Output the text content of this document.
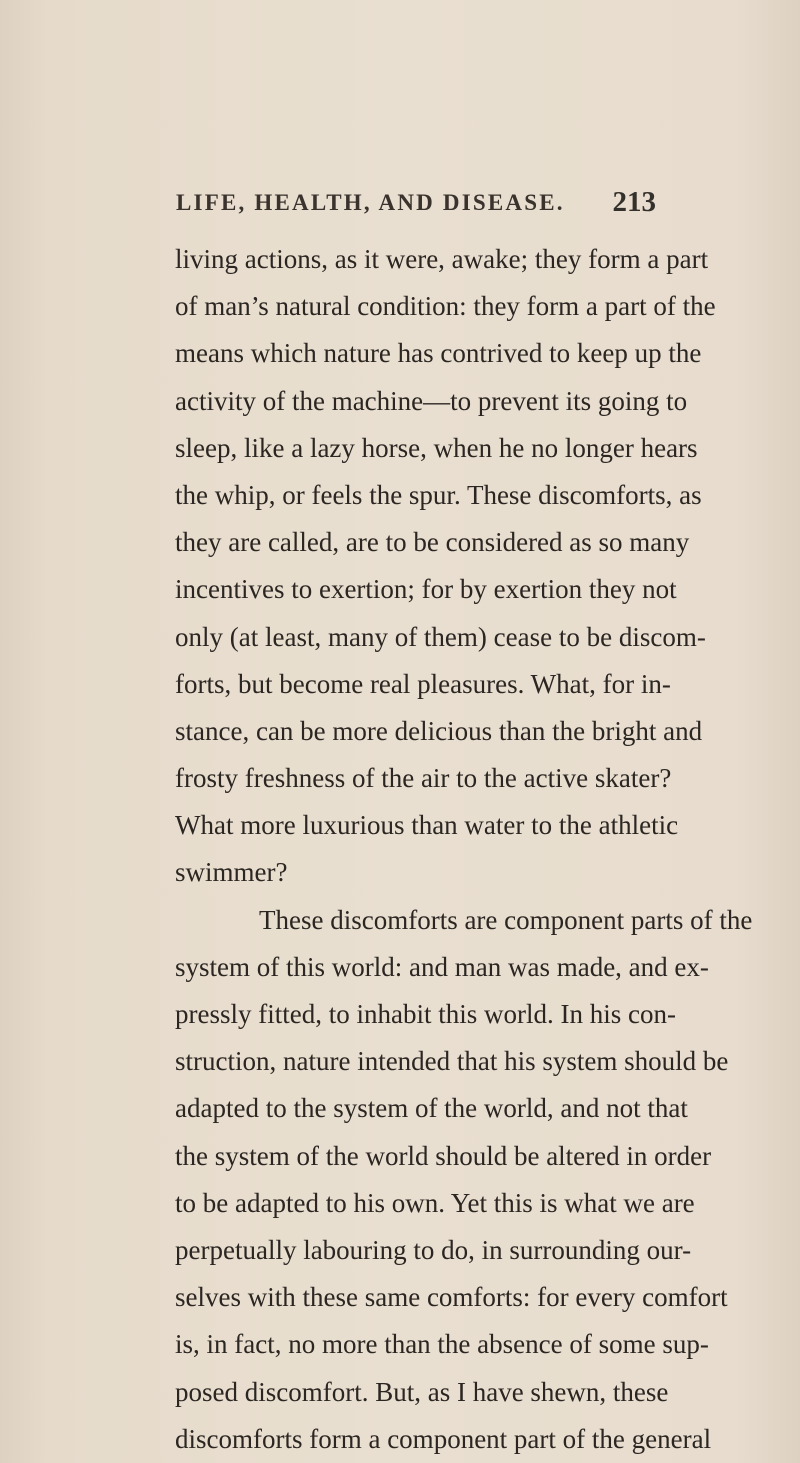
LIFE, HEALTH, AND DISEASE. 213
living actions, as it were, awake; they form a part
of man’s natural condition: they form a part of the
means which nature has contrived to keep up the
activity of the machine—to prevent its going to
sleep, like a lazy horse, when he no longer hears
the whip, or feels the spur. These discomforts, as
they are called, are to be considered as so many
incentives to exertion; for by exertion they not
only (at least, many of them) cease to be discom-
forts, but become real pleasures. What, for in-
stance, can be more delicious than the bright and
frosty freshness of the air to the active skater?
What more luxurious than water to the athletic
swimmer?
These discomforts are component parts of the
system of this world: and man was made, and ex-
pressly fitted, to inhabit this world. In his con-
struction, nature intended that his system should be
adapted to the system of the world, and not that
the system of the world should be altered in order
to be adapted to his own. Yet this is what we are
perpetually labouring to do, in surrounding our-
selves with these same comforts: for every comfort
is, in fact, no more than the absence of some sup-
posed discomfort. But, as I have shewn, these
discomforts form a component part of the general
